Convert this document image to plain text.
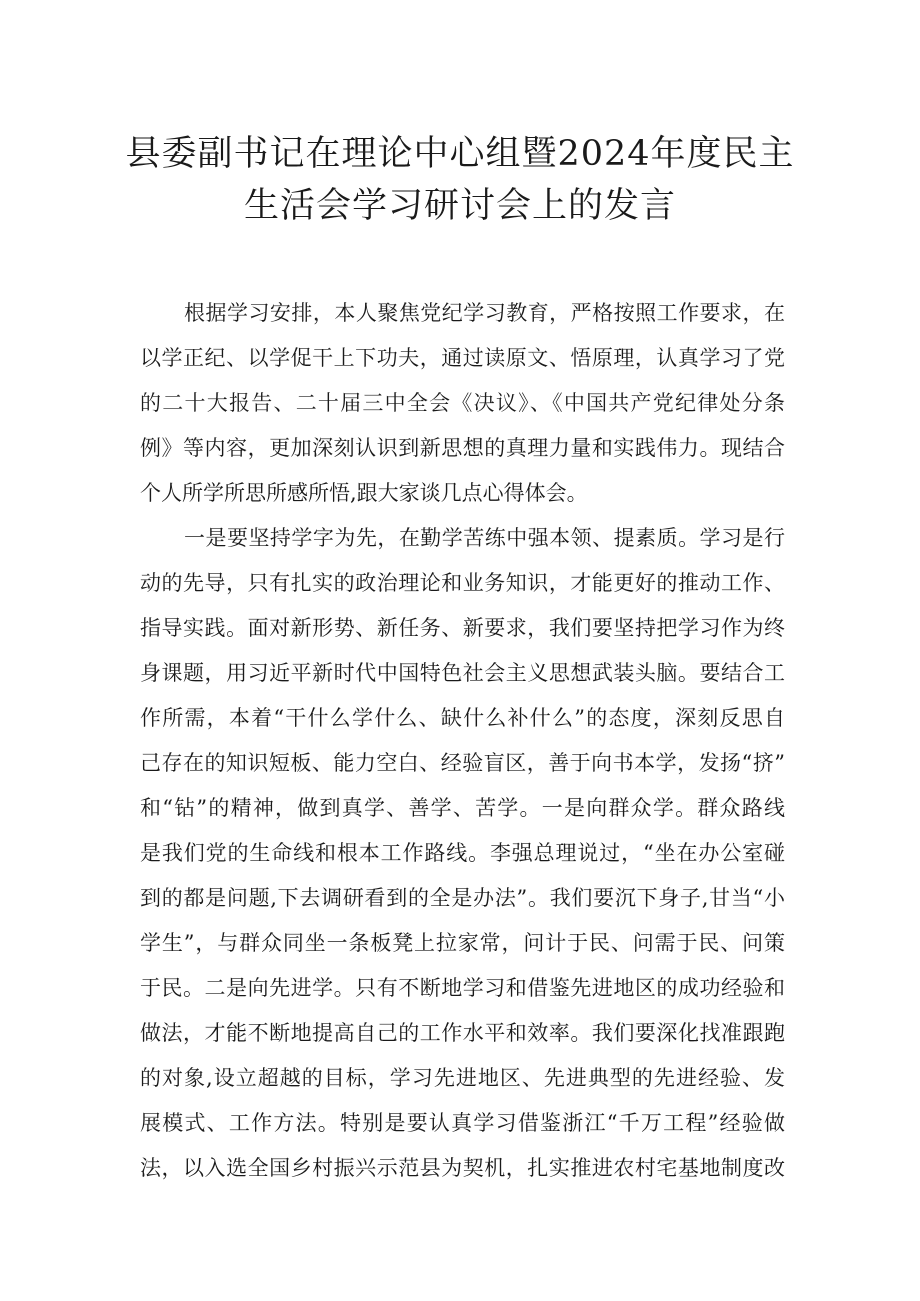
县委副书记在理论中心组暨2024年度民主
生活会学习研讨会上的发言
根据学习安排，本人聚焦党纪学习教育，严格按照工作要求，在
以学正纪、以学促干上下功夫，通过读原文、悟原理，认真学习了党
的二十大报告、二十届三中全会《决议》、《中国共产党纪律处分条
例》等内容，更加深刻认识到新思想的真理力量和实践伟力。现结合
个人所学所思所感所悟,跟大家谈几点心得体会。
一是要坚持学字为先，在勤学苦练中强本领、提素质。学习是行
动的先导，只有扎实的政治理论和业务知识，才能更好的推动工作、
指导实践。面对新形势、新任务、新要求，我们要坚持把学习作为终
身课题，用习近平新时代中国特色社会主义思想武装头脑。要结合工
作所需，本着“干什么学什么、缺什么补什么”的态度，深刻反思自
己存在的知识短板、能力空白、经验盲区，善于向书本学，发扬“挤”
和“钻”的精神，做到真学、善学、苦学。一是向群众学。群众路线
是我们党的生命线和根本工作路线。李强总理说过，“坐在办公室碰
到的都是问题,下去调研看到的全是办法”。我们要沉下身子,甘当“小
学生”，与群众同坐一条板凳上拉家常，问计于民、问需于民、问策
于民。二是向先进学。只有不断地学习和借鉴先进地区的成功经验和
做法，才能不断地提高自己的工作水平和效率。我们要深化找准跟跑
的对象,设立超越的目标，学习先进地区、先进典型的先进经验、发
展模式、工作方法。特别是要认真学习借鉴浙江“千万工程”经验做
法，以入选全国乡村振兴示范县为契机，扎实推进农村宅基地制度改
